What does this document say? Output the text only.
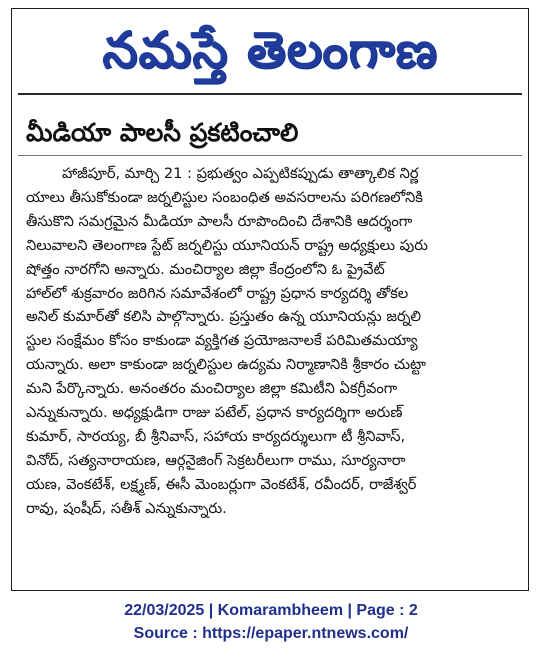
నమస్తే తెలంగాణ
మీడియా పాలసీ ప్రకటించాలి
హాజీపూర్, మార్చి 21 : ప్రభుత్వం ఎప్పటికప్పుడు తాత్కాలిక నిర్ణ
యాలు తీసుకోకుండా జర్నలిస్టుల సంబంధిత అవసరాలను పరిగణలోనికి
తీసుకొని సమగ్రమైన మీడియా పాలసీ రూపొందించి దేశానికి ఆదర్శంగా
నిలువాలని తెలంగాణ స్టేట్ జర్నలిస్టు యూనియన్ రాష్ట్ర అధ్యక్షులు పురు
షోత్తం నారగోని అన్నారు. మంచిర్యాల జిల్లా కేంద్రంలోని ఓ ప్రైవేట్
హాల్‌లో శుక్రవారం జరిగిన సమావేశంలో రాష్ట్ర ప్రధాన కార్యదర్శి తోకల
అనిల్ కుమార్‌తో కలిసి పాల్గొన్నారు. ప్రస్తుతం ఉన్న యూనియన్లు జర్నలి
స్టుల సంక్షేమం కోసం కాకుండా వ్యక్తిగత ప్రయోజనాలకే పరిమితమయ్యా
యన్నారు. అలా కాకుండా జర్నలిస్టుల ఉద్యమ నిర్మాణానికి శ్రీకారం చుట్టా
మని పేర్కొన్నారు. అనంతరం మంచిర్యాల జిల్లా కమిటీని ఏకగ్రీవంగా
ఎన్నుకున్నారు. అధ్యక్షుడిగా రాజు పటేల్, ప్రధాన కార్యదర్శిగా అరుణ్
కుమార్, సారయ్య, బీ శ్రీనివాస్, సహాయ కార్యదర్శులుగా టీ శ్రీనివాస్,
వినోద్, సత్యనారాయణ, ఆర్గనైజింగ్ సెక్రటరీలుగా రాము, సూర్యనారా
యణ, వెంకటేశ్, లక్ష్మణ్, ఈసీ మెంబర్లుగా వెంకటేశ్, రవీందర్, రాజేశ్వర్
రావు, షంషీద్, సతీశ్ ఎన్నుకున్నారు.
22/03/2025 | Komarambheem | Page : 2
Source : https://epaper.ntnews.com/
